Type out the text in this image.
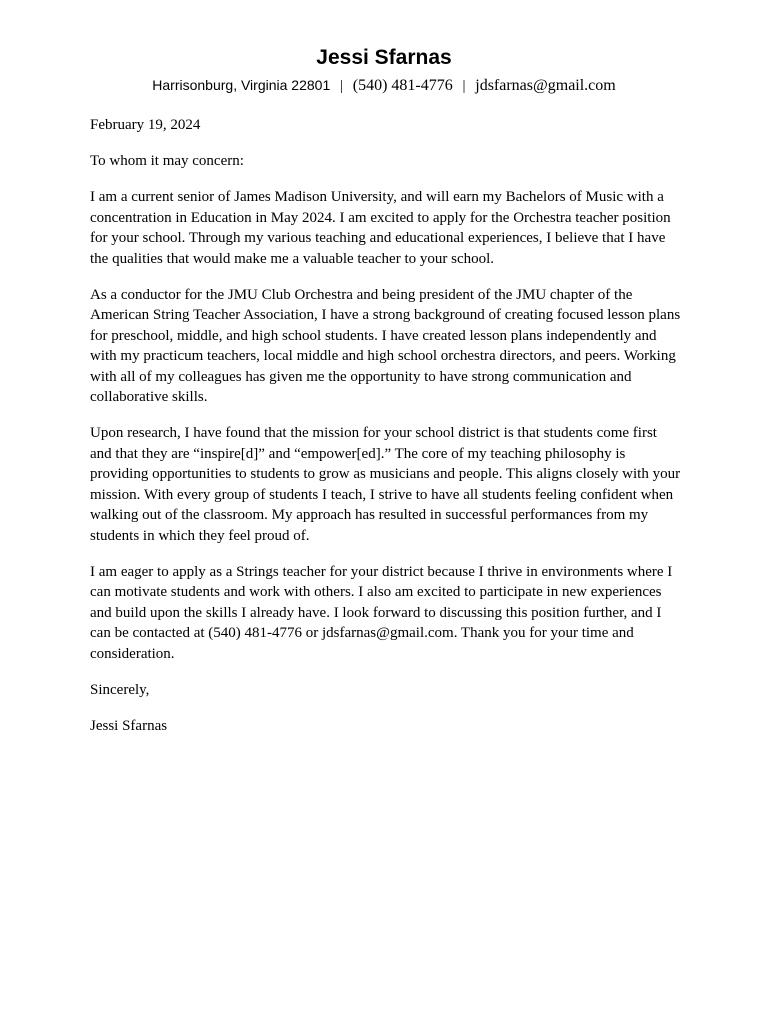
Jessi Sfarnas
Harrisonburg, Virginia 22801 | (540) 481-4776 | jdsfarnas@gmail.com

February 19, 2024

To whom it may concern:

I am a current senior of James Madison University, and will earn my Bachelors of Music with a concentration in Education in May 2024. I am excited to apply for the Orchestra teacher position for your school. Through my various teaching and educational experiences, I believe that I have the qualities that would make me a valuable teacher to your school.

As a conductor for the JMU Club Orchestra and being president of the JMU chapter of the American String Teacher Association, I have a strong background of creating focused lesson plans for preschool, middle, and high school students. I have created lesson plans independently and with my practicum teachers, local middle and high school orchestra directors, and peers. Working with all of my colleagues has given me the opportunity to have strong communication and collaborative skills.

Upon research, I have found that the mission for your school district is that students come first and that they are “inspire[d]” and “empower[ed].” The core of my teaching philosophy is providing opportunities to students to grow as musicians and people. This aligns closely with your mission. With every group of students I teach, I strive to have all students feeling confident when walking out of the classroom. My approach has resulted in successful performances from my students in which they feel proud of.

I am eager to apply as a Strings teacher for your district because I thrive in environments where I can motivate students and work with others. I also am excited to participate in new experiences and build upon the skills I already have. I look forward to discussing this position further, and I can be contacted at (540) 481-4776 or jdsfarnas@gmail.com. Thank you for your time and consideration.

Sincerely,

Jessi Sfarnas
